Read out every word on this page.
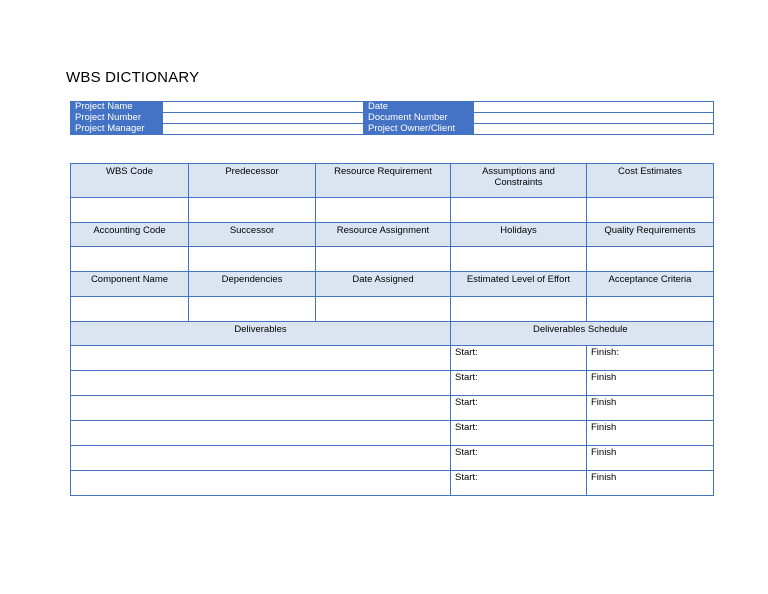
WBS DICTIONARY
Project Name		Date	
Project Number		Document Number	
Project Manager		Project Owner/Client	
WBS Code	Predecessor	Resource Requirement	Assumptions and Constraints	Cost Estimates

Accounting Code	Successor	Resource Assignment	Holidays	Quality Requirements

Component Name	Dependencies	Date Assigned	Estimated Level of Effort	Acceptance Criteria

Deliverables			Deliverables Schedule	
			Start:	Finish:
			Start:	Finish
			Start:	Finish
			Start:	Finish
			Start:	Finish
			Start:	Finish
